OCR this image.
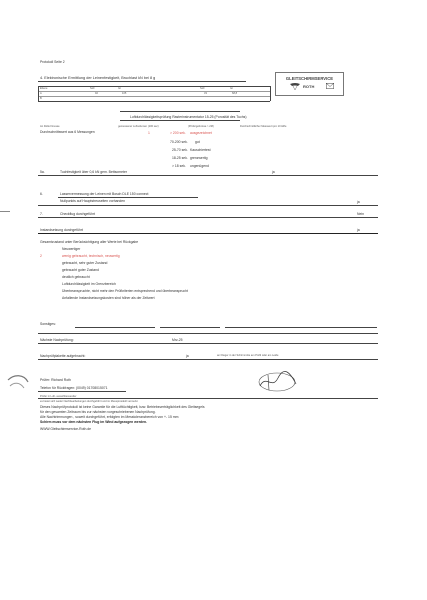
Protokoll Seite 2
GLEITSCHIRMSERVICE
ROTH
4. Elektronische Ermittlung der Leinenfestigkeit, Bruchlast kN bei 8 g
Ebene	Soll	Ist	Soll	Ist
A	92	105	33	68,8
B
Luftdurchlässigkeitsprüfung Rasterinstrumentator 15-25 (Porosität des Tuchs)
An Rolle Finesse	gemessener Luftvolumen (100 sec)	(Prüfergebnisse > 2M)	Durchschnittlicher Messwert pro 10 Hilfe
Durchschnittswert aus 6 Messungen	1	> 200 sek. ausgezeichnet
70-200 sek. gut
25-70 sek. Kauschiertest
18-25 sek. grenzwertig
> 18 sek. ungenügend
5a.	Tuchfestigkeit über 0,6 kN gem. Bettsometer	ja
6.	Lasservermessung der Leinen mit Bosch DLE 150 connect
Nullpunkts auf Hauptstreuseiten vorhanden	ja
7.	Checkflug durchgeführt	Nein
Instandsetzung durchgeführt	ja
Gesamtzustand unter Berücksichtigung aller Werte bei Rückgabe
Neuwertiger
2	wenig gebraucht, technisch, neuwertig
gebraucht, sehr guter Zustand
gebraucht guter Zustand
deutlich gebraucht
Luftdurchlässigkeit im Grenzbereich
Überbeanspruchte, nicht mehr den Prüfkriterien entsprechend und überbeansprucht
Anfallende Instandsetzungskosten sind höher als der Zeitwert
Sonstiges:
Nächste Nachprüfung:	Mrz-25
Nachprüfplakette aufgebracht:	ja	an Flieger in der Schirmmitte am Profil oder am Leide
Prüfer: Richard Roth
Telefon für Rückfragen: (0049) 01708015071
Prüfer in Luft- ausschliessender
es bietet sich weder Nachbearbeitungen durchgeführt und im Messprotokoll vermerkt
Dieses Nachprüfprotokoll ist keine Garantie für die Lufttüchtigkeit, bzw. Betriebsverträglichkeit des Gleitsegels
für den gesamten Zeitraum bis zur nächsten vorgeschriebenen Nachprüfung.
Alle Nachtrimmungen , soweit durchgeführt, erfolgten im Messtoleranzbereich von +- 15 mm
Schirm muss vor dem nächsten Flug im Wind aufgezogen werden.
WWW.Gleitschirmservice-Roth.de
